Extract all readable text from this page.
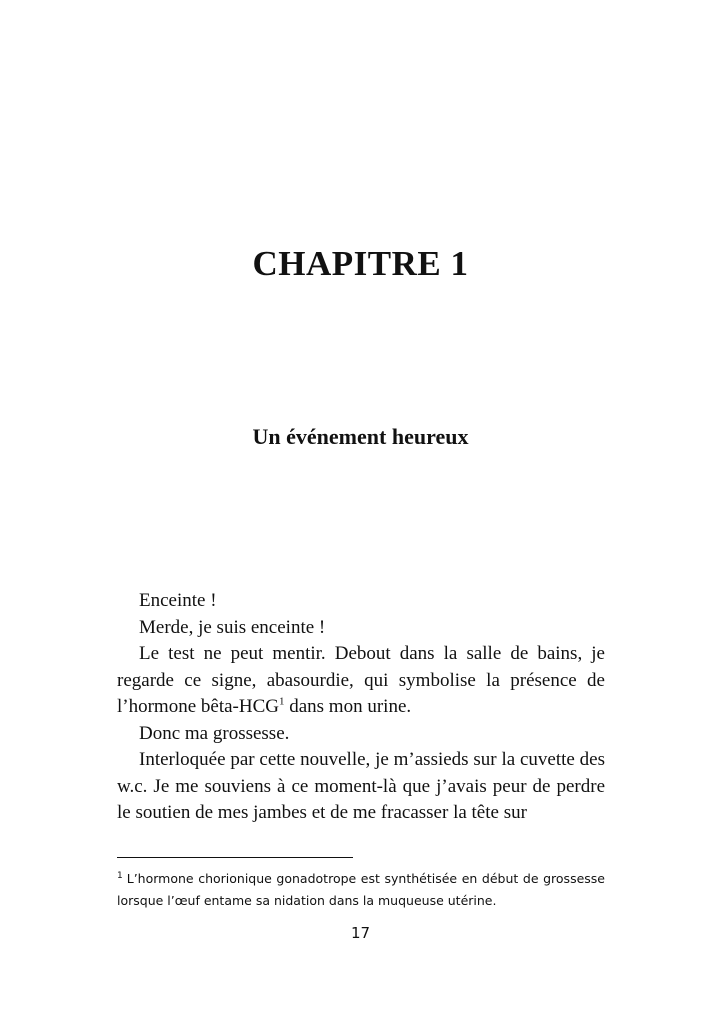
CHAPITRE 1
Un événement heureux

Enceinte !

Merde, je suis enceinte !

Le test ne peut mentir. Debout dans la salle de bains, je regarde ce signe, abasourdie, qui symbolise la présence de l’hormone bêta-HCG$^1$ dans mon urine.

Donc ma grossesse.

Interloquée par cette nouvelle, je m’assieds sur la cuvette des w.c. Je me souviens à ce moment-là que j’avais peur de perdre le soutien de mes jambes et de me fracasser la tête sur

$^1$ L’hormone chorionique gonadotrope est synthétisée en début de grossesse lorsque l’œuf entame sa nidation dans la muqueuse utérine.

17
